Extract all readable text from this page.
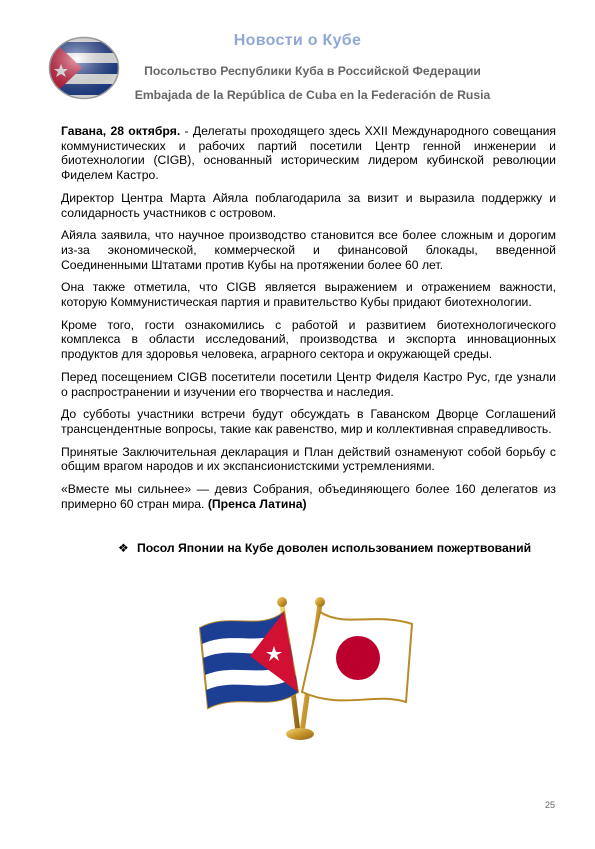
Новости о Кубе
Посольство Республики Куба в Российской Федерации
Embajada de la República de Cuba en la Federación de Rusia

Гавана, 28 октября. - Делегаты проходящего здесь XXII Международного совещания коммунистических и рабочих партий посетили Центр генной инженерии и биотехнологии (CIGB), основанный историческим лидером кубинской революции Фиделем Кастро.

Директор Центра Марта Айяла поблагодарила за визит и выразила поддержку и солидарность участников с островом.

Айяла заявила, что научное производство становится все более сложным и дорогим из-за экономической, коммерческой и финансовой блокады, введенной Соединенными Штатами против Кубы на протяжении более 60 лет.

Она также отметила, что CIGB является выражением и отражением важности, которую Коммунистическая партия и правительство Кубы придают биотехнологии.

Кроме того, гости ознакомились с работой и развитием биотехнологического комплекса в области исследований, производства и экспорта инновационных продуктов для здоровья человека, аграрного сектора и окружающей среды.

Перед посещением CIGB посетители посетили Центр Фиделя Кастро Рус, где узнали о распространении и изучении его творчества и наследия.

До субботы участники встречи будут обсуждать в Гаванском Дворце Соглашений трансцендентные вопросы, такие как равенство, мир и коллективная справедливость.

Принятые Заключительная декларация и План действий ознаменуют собой борьбу с общим врагом народов и их экспансионистскими устремлениями.

«Вместе мы сильнее» — девиз Собрания, объединяющего более 160 делегатов из примерно 60 стран мира. (Пренса Латина)

❖ Посол Японии на Кубе доволен использованием пожертвований
25
